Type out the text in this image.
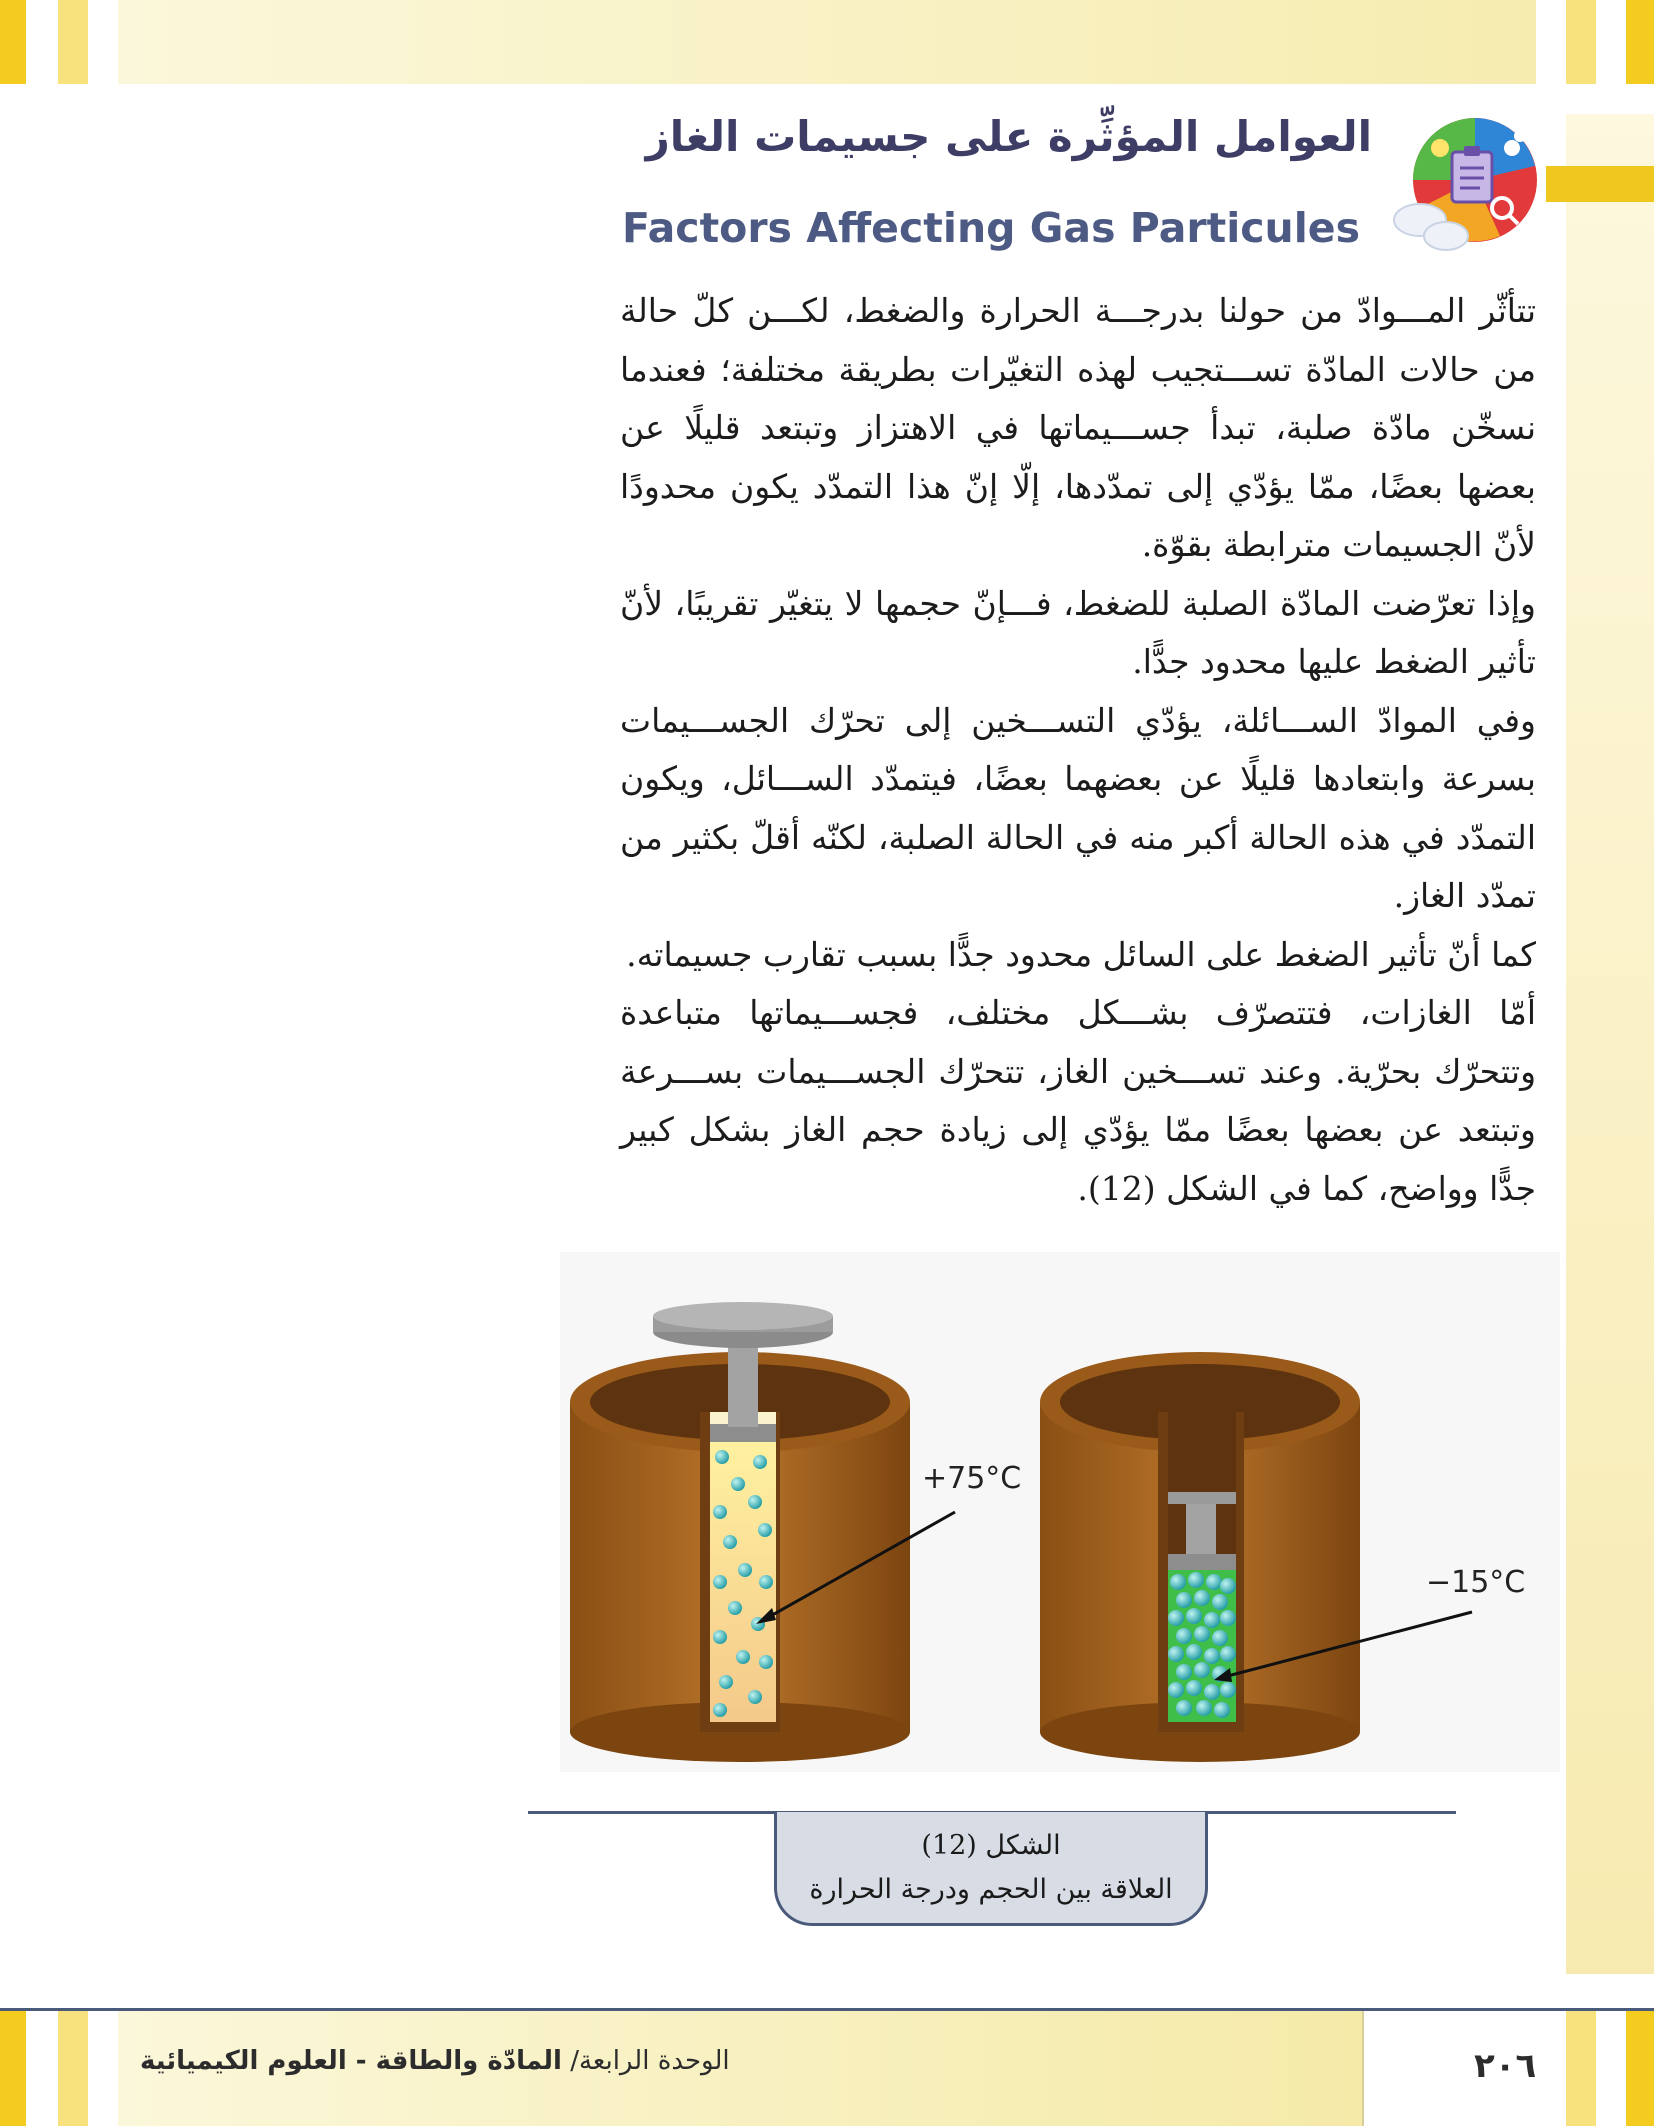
العوامل المؤثِّرة على جسيمات الغاز
Factors Affecting Gas Particules

تتأثّر المـــوادّ من حولنا بدرجـــة الحرارة والضغط، لكـــن كلّ حالة من حالات المادّة تســـتجيب لهذه التغيّرات بطريقة مختلفة؛ فعندما نسخّن مادّة صلبة، تبدأ جســـيماتها في الاهتزاز وتبتعد قليلًا عن بعضها بعضًا، ممّا يؤدّي إلى تمدّدها، إلّا إنّ هذا التمدّد يكون محدودًا لأنّ الجسيمات مترابطة بقوّة.

وإذا تعرّضت المادّة الصلبة للضغط، فـــإنّ حجمها لا يتغيّر تقريبًا، لأنّ تأثير الضغط عليها محدود جدًّا.

وفي الموادّ الســـائلة، يؤدّي التســـخين إلى تحرّك الجســـيمات بسرعة وابتعادها قليلًا عن بعضهما بعضًا، فيتمدّد الســـائل، ويكون التمدّد في هذه الحالة أكبر منه في الحالة الصلبة، لكنّه أقلّ بكثير من تمدّد الغاز.

كما أنّ تأثير الضغط على السائل محدود جدًّا بسبب تقارب جسيماته.

أمّا الغازات، فتتصرّف بشـــكل مختلف، فجســـيماتها متباعدة وتتحرّك بحرّية. وعند تســـخين الغاز، تتحرّك الجســـيمات بســـرعة وتبتعد عن بعضها بعضًا ممّا يؤدّي إلى زيادة حجم الغاز بشكل كبير جدًّا وواضح، كما في الشكل (12).

+75°C
−15°C
الشكل (12)
العلاقة بين الحجم ودرجة الحرارة
الوحدة الرابعة/ المادّة والطاقة - العلوم الكيميائية	٢٠٦
